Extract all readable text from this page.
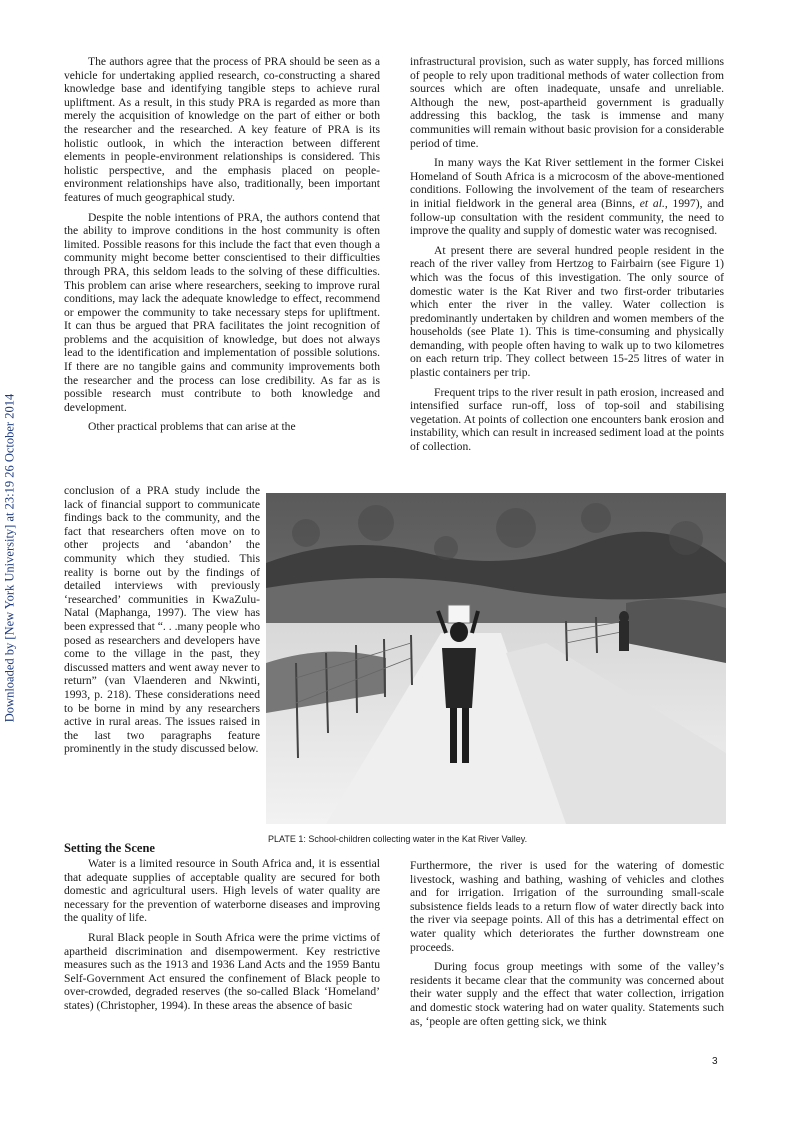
Downloaded by [New York University] at 23:19 26 October 2014

The authors agree that the process of PRA should be seen as a vehicle for undertaking applied research, co-constructing a shared knowledge base and identifying tangible steps to achieve rural upliftment. As a result, in this study PRA is regarded as more than merely the acquisition of knowledge on the part of either or both the researcher and the researched. A key feature of PRA is its holistic outlook, in which the interaction between different elements in people-environment relationships is considered. This holistic perspective, and the emphasis placed on people-environment relationships have also, traditionally, been important features of much geographical study.

Despite the noble intentions of PRA, the authors contend that the ability to improve conditions in the host community is often limited. Possible reasons for this include the fact that even though a community might become better conscientised to their difficulties through PRA, this seldom leads to the solving of these difficulties. This problem can arise where researchers, seeking to improve rural conditions, may lack the adequate knowledge to effect, recommend or empower the community to take necessary steps for upliftment. It can thus be argued that PRA facilitates the joint recognition of problems and the acquisition of knowledge, but does not always lead to the identification and implementation of possible solutions. If there are no tangible gains and community improvements both the researcher and the process can lose credibility. As far as is possible research must contribute to both knowledge and development.

Other practical problems that can arise at the

infrastructural provision, such as water supply, has forced millions of people to rely upon traditional methods of water collection from sources which are often inadequate, unsafe and unreliable. Although the new, post-apartheid government is gradually addressing this backlog, the task is immense and many communities will remain without basic provision for a considerable period of time.

In many ways the Kat River settlement in the former Ciskei Homeland of South Africa is a microcosm of the above-mentioned conditions. Following the involvement of the team of researchers in initial fieldwork in the general area (Binns, et al., 1997), and follow-up consultation with the resident community, the need to improve the quality and supply of domestic water was recognised.

At present there are several hundred people resident in the reach of the river valley from Hertzog to Fairbairn (see Figure 1) which was the focus of this investigation. The only source of domestic water is the Kat River and two first-order tributaries which enter the river in the valley. Water collection is predominantly undertaken by children and women members of the households (see Plate 1). This is time-consuming and physically demanding, with people often having to walk up to two kilometres on each return trip. They collect between 15-25 litres of water in plastic containers per trip.

Frequent trips to the river result in path erosion, increased and intensified surface run-off, loss of top-soil and stabilising vegetation. At points of collection one encounters bank erosion and instability, which can result in increased sediment load at the points of collection.

conclusion of a PRA study include the lack of financial support to communicate findings back to the community, and the fact that researchers often move on to other projects and ‘abandon’ the community which they studied. This reality is borne out by the findings of detailed interviews with previously ‘researched’ communities in KwaZulu-Natal (Maphanga, 1997). The view has been expressed that “. . .many people who posed as researchers and developers have come to the village in the past, they discussed matters and went away never to return” (van Vlaenderen and Nkwinti, 1993, p. 218). These considerations need to be borne in mind by any researchers active in rural areas. The issues raised in the last two paragraphs feature prominently in the study discussed below.

PLATE 1: School-children collecting water in the Kat River Valley.
Setting the Scene

Water is a limited resource in South Africa and, it is essential that adequate supplies of acceptable quality are secured for both domestic and agricultural users. High levels of water quality are necessary for the prevention of waterborne diseases and improving the quality of life.

Rural Black people in South Africa were the prime victims of apartheid discrimination and disempowerment. Key restrictive measures such as the 1913 and 1936 Land Acts and the 1959 Bantu Self-Government Act ensured the confinement of Black people to over-crowded, degraded reserves (the so-called Black ‘Homeland’ states) (Christopher, 1994). In these areas the absence of basic

Furthermore, the river is used for the watering of domestic livestock, washing and bathing, washing of vehicles and clothes and for irrigation. Irrigation of the surrounding small-scale subsistence fields leads to a return flow of water directly back into the river via seepage points. All of this has a detrimental effect on water quality which deteriorates the further downstream one proceeds.

During focus group meetings with some of the valley’s residents it became clear that the community was concerned about their water supply and the effect that water collection, irrigation and domestic stock watering had on water quality. Statements such as, ‘people are often getting sick, we think

3
